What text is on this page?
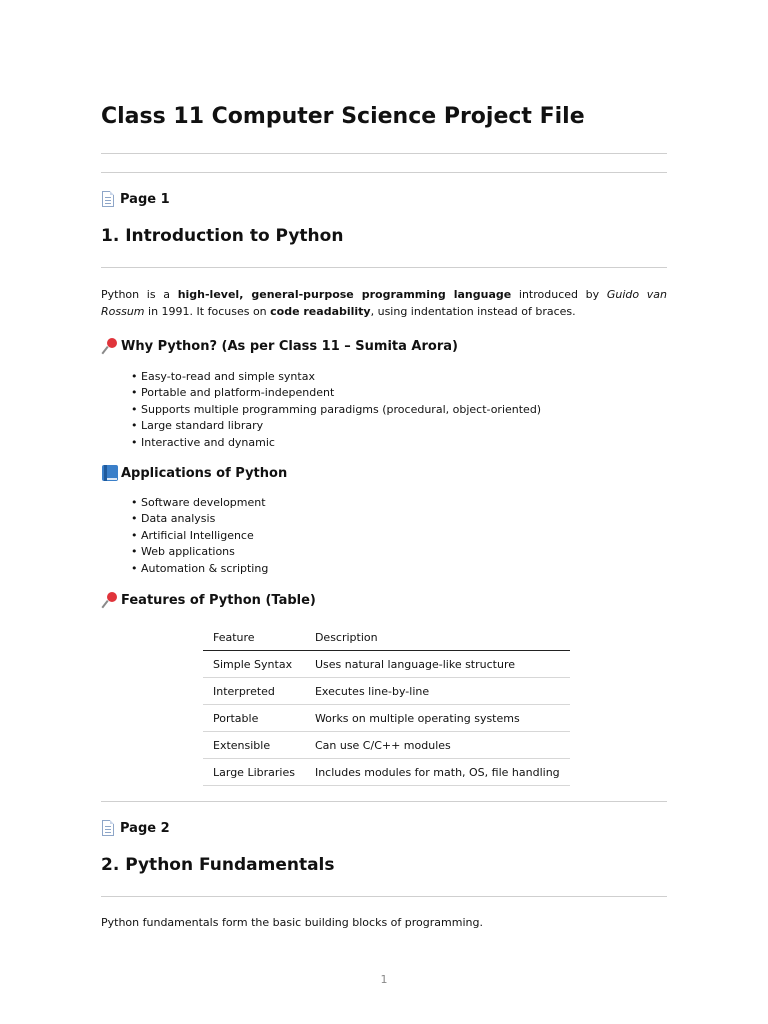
Class 11 Computer Science Project File
Page 1
1. Introduction to Python

Python is a high-level, general-purpose programming language introduced by Guido van Rossum in 1991. It focuses on code readability, using indentation instead of braces.

Why Python? (As per Class 11 – Sumita Arora)
• Easy-to-read and simple syntax
• Portable and platform-independent
• Supports multiple programming paradigms (procedural, object-oriented)
• Large standard library
• Interactive and dynamic
Applications of Python
• Software development
• Data analysis
• Artificial Intelligence
• Web applications
• Automation & scripting
Features of Python (Table)
Feature	Description
Simple Syntax	Uses natural language-like structure
Interpreted	Executes line-by-line
Portable	Works on multiple operating systems
Extensible	Can use C/C++ modules
Large Libraries	Includes modules for math, OS, file handling
Page 2
2. Python Fundamentals

Python fundamentals form the basic building blocks of programming.

1
